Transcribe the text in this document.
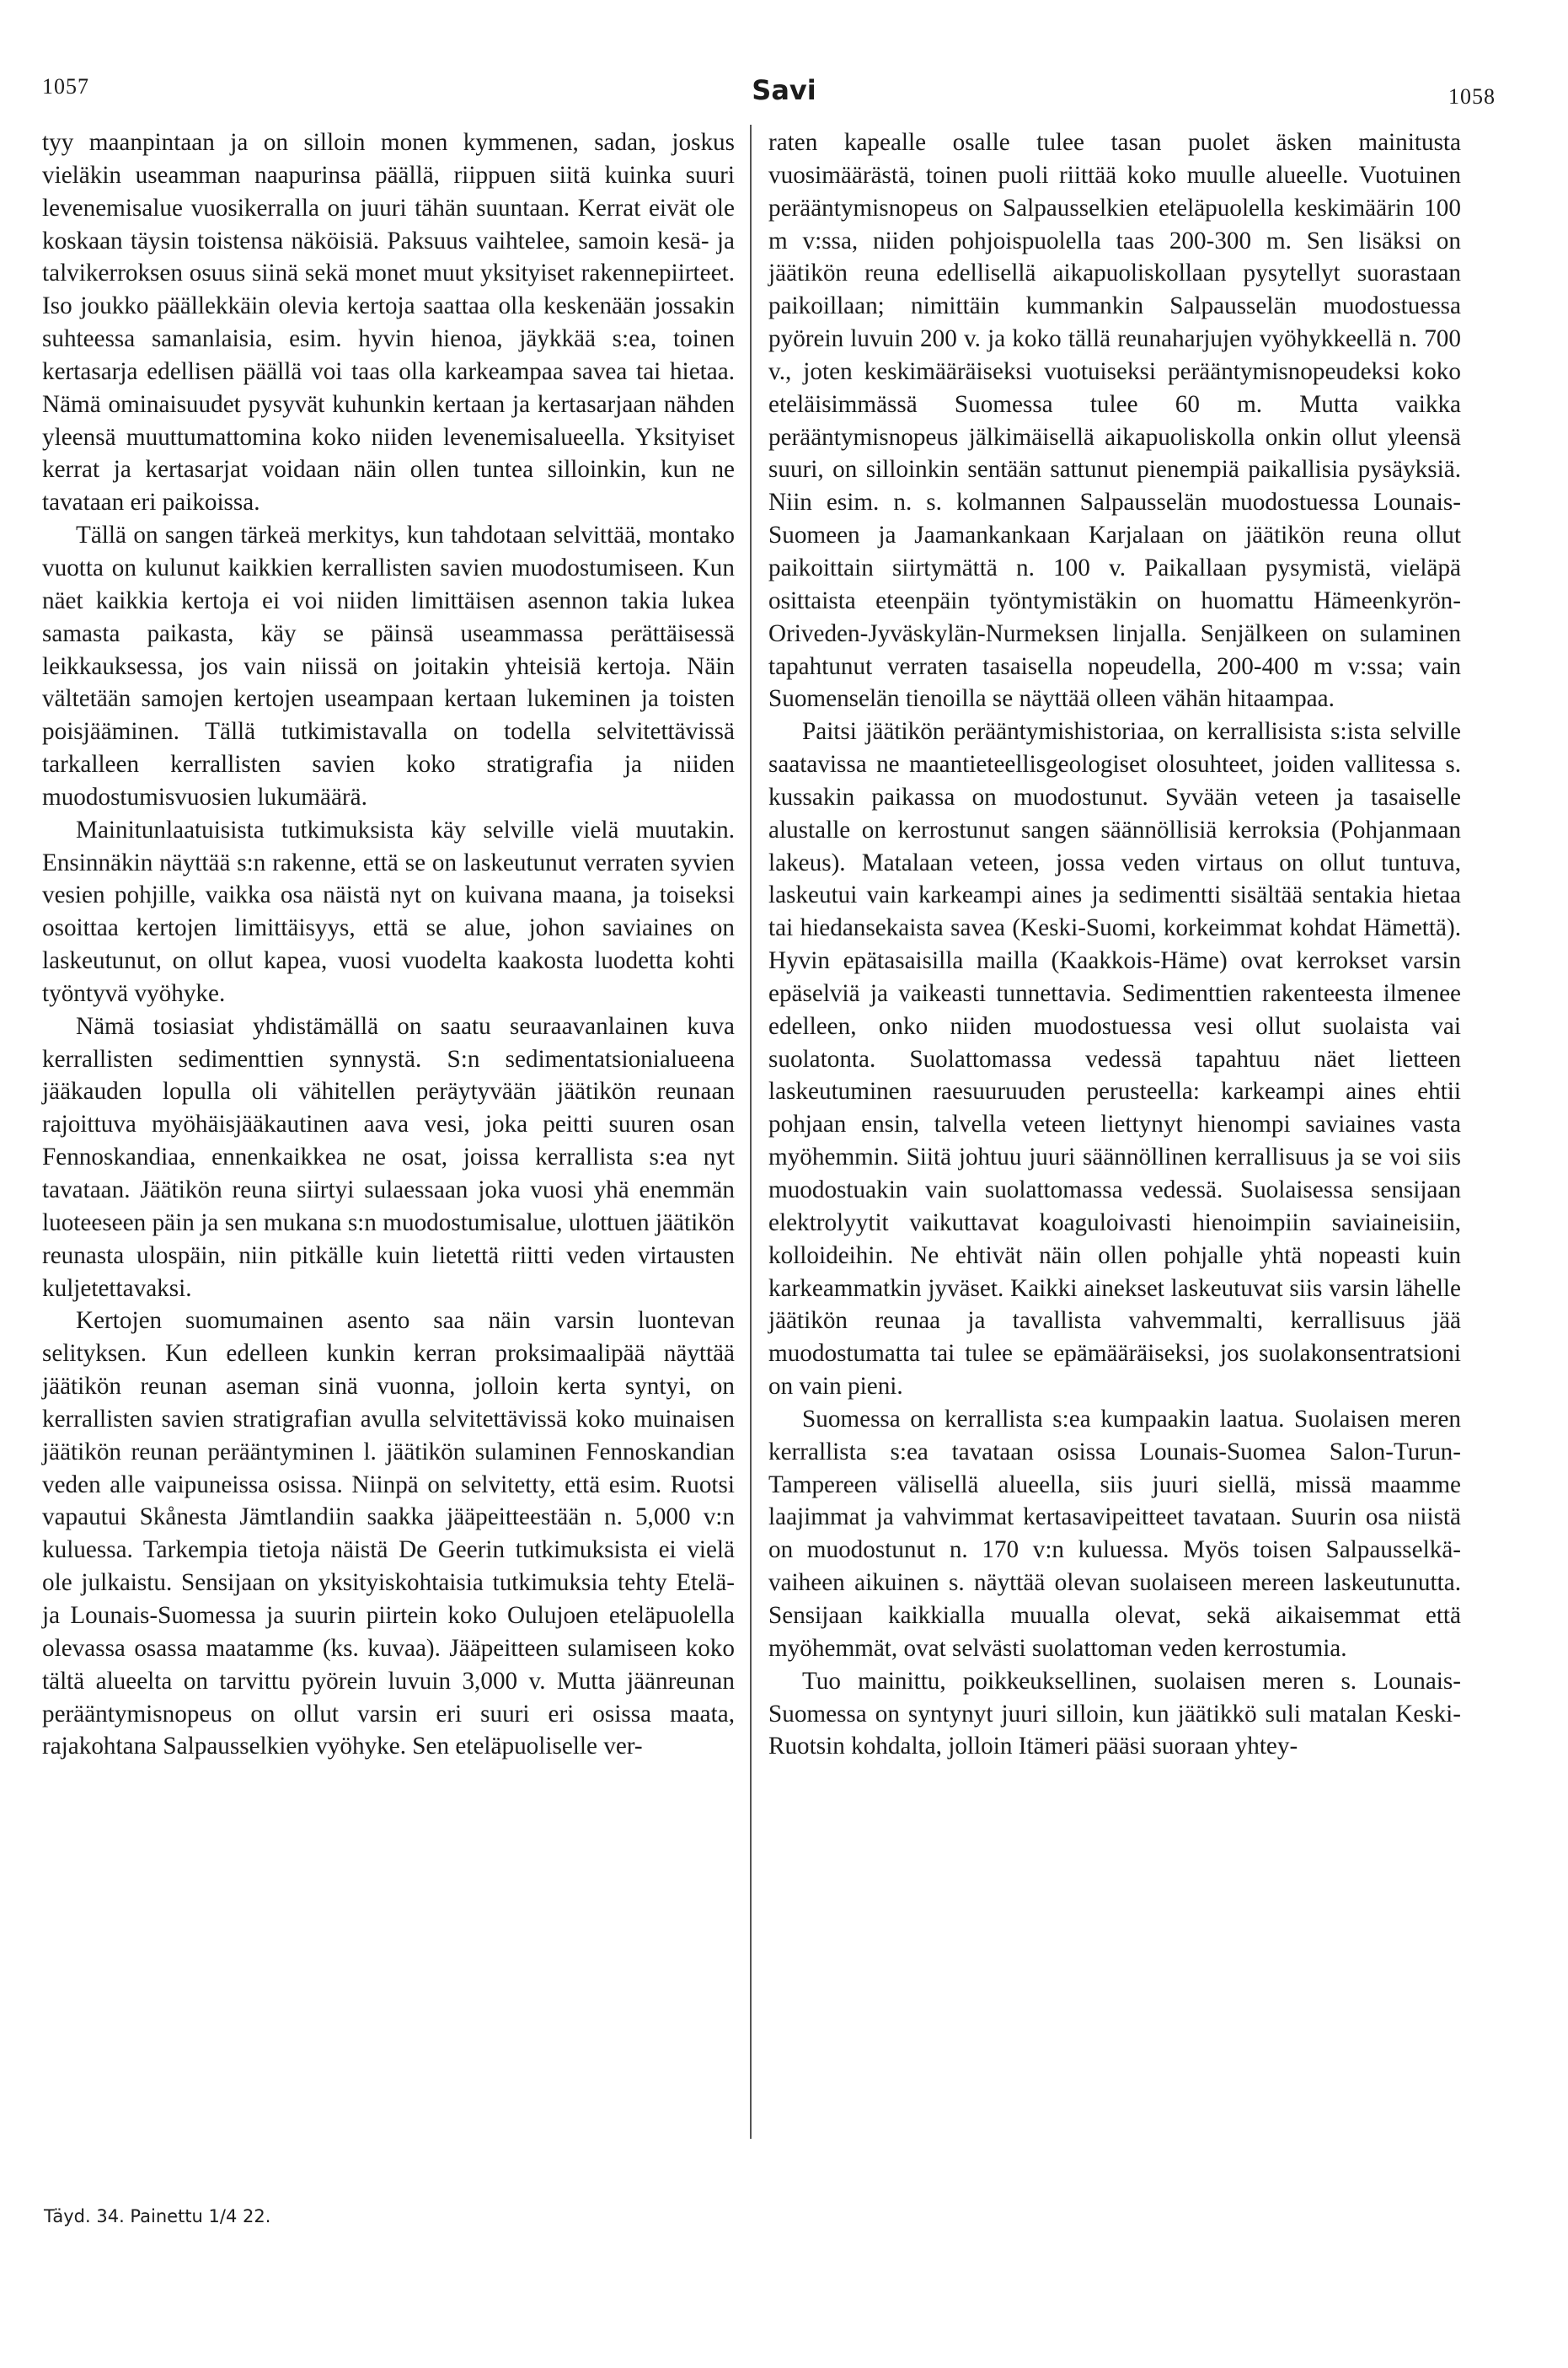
1057	Savi	1058

tyy maanpintaan ja on silloin monen kymmenen, sadan, joskus vieläkin useamman naapurinsa päällä, riippuen siitä kuinka suuri levenemisalue vuosikerralla on juuri tähän suuntaan. Kerrat eivät ole koskaan täysin toistensa näköisiä. Paksuus vaihtelee, samoin kesä- ja talvikerroksen osuus siinä sekä monet muut yksityiset rakennepiirteet. Iso joukko päällekkäin olevia kertoja saattaa olla keskenään jossakin suhteessa samanlaisia, esim. hyvin hienoa, jäykkää s:ea, toinen kertasarja edellisen päällä voi taas olla karkeampaa savea tai hietaa. Nämä ominaisuudet pysyvät kuhunkin kertaan ja kertasarjaan nähden yleensä muuttumattomina koko niiden levenemisalueella. Yksityiset kerrat ja kertasarjat voidaan näin ollen tuntea silloinkin, kun ne tavataan eri paikoissa.

Tällä on sangen tärkeä merkitys, kun tahdotaan selvittää, montako vuotta on kulunut kaikkien kerrallisten savien muodostumiseen. Kun näet kaikkia kertoja ei voi niiden limittäisen asennon takia lukea samasta paikasta, käy se päinsä useammassa perättäisessä leikkauksessa, jos vain niissä on joitakin yhteisiä kertoja. Näin vältetään samojen kertojen useampaan kertaan lukeminen ja toisten poisjääminen. Tällä tutkimistavalla on todella selvitettävissä tarkalleen kerrallisten savien koko stratigrafia ja niiden muodostumisvuosien lukumäärä.

Mainitunlaatuisista tutkimuksista käy selville vielä muutakin. Ensinnäkin näyttää s:n rakenne, että se on laskeutunut verraten syvien vesien pohjille, vaikka osa näistä nyt on kuivana maana, ja toiseksi osoittaa kertojen limittäisyys, että se alue, johon saviaines on laskeutunut, on ollut kapea, vuosi vuodelta kaakosta luodetta kohti työntyvä vyöhyke.

Nämä tosiasiat yhdistämällä on saatu seuraavanlainen kuva kerrallisten sedimenttien synnystä. S:n sedimentatsionialueena jääkauden lopulla oli vähitellen peräytyvään jäätikön reunaan rajoittuva myöhäisjääkautinen aava vesi, joka peitti suuren osan Fennoskandiaa, ennenkaikkea ne osat, joissa kerrallista s:ea nyt tavataan. Jäätikön reuna siirtyi sulaessaan joka vuosi yhä enemmän luoteeseen päin ja sen mukana s:n muodostumisalue, ulottuen jäätikön reunasta ulospäin, niin pitkälle kuin lietettä riitti veden virtausten kuljetettavaksi.

Kertojen suomumainen asento saa näin varsin luontevan selityksen. Kun edelleen kunkin kerran proksimaalipää näyttää jäätikön reunan aseman sinä vuonna, jolloin kerta syntyi, on kerrallisten savien stratigrafian avulla selvitettävissä koko muinaisen jäätikön reunan perääntyminen l. jäätikön sulaminen Fennoskandian veden alle vaipuneissa osissa. Niinpä on selvitetty, että esim. Ruotsi vapautui Skånesta Jämtlandiin saakka jääpeitteestään n. 5,000 v:n kuluessa. Tarkempia tietoja näistä De Geerin tutkimuksista ei vielä ole julkaistu. Sensijaan on yksityiskohtaisia tutkimuksia tehty Etelä- ja Lounais-Suomessa ja suurin piirtein koko Oulujoen eteläpuolella olevassa osassa maatamme (ks. kuvaa). Jääpeitteen sulamiseen koko tältä alueelta on tarvittu pyörein luvuin 3,000 v. Mutta jäänreunan perääntymisnopeus on ollut varsin eri suuri eri osissa maata, rajakohtana Salpausselkien vyöhyke. Sen eteläpuoliselle ver-

raten kapealle osalle tulee tasan puolet äsken mainitusta vuosimäärästä, toinen puoli riittää koko muulle alueelle. Vuotuinen perääntymisnopeus on Salpausselkien eteläpuolella keskimäärin 100 m v:ssa, niiden pohjoispuolella taas 200-300 m. Sen lisäksi on jäätikön reuna edellisellä aikapuoliskollaan pysytellyt suorastaan paikoillaan; nimittäin kummankin Salpausselän muodostuessa pyörein luvuin 200 v. ja koko tällä reunaharjujen vyöhykkeellä n. 700 v., joten keskimääräiseksi vuotuiseksi perääntymisnopeudeksi koko eteläisimmässä Suomessa tulee 60 m. Mutta vaikka perääntymisnopeus jälkimäisellä aikapuoliskolla onkin ollut yleensä suuri, on silloinkin sentään sattunut pienempiä paikallisia pysäyksiä. Niin esim. n. s. kolmannen Salpausselän muodostuessa Lounais-Suomeen ja Jaamankankaan Karjalaan on jäätikön reuna ollut paikoittain siirtymättä n. 100 v. Paikallaan pysymistä, vieläpä osittaista eteenpäin työntymistäkin on huomattu Hämeenkyrön-Oriveden-Jyväskylän-Nurmeksen linjalla. Senjälkeen on sulaminen tapahtunut verraten tasaisella nopeudella, 200-400 m v:ssa; vain Suomenselän tienoilla se näyttää olleen vähän hitaampaa.

Paitsi jäätikön perääntymishistoriaa, on kerrallisista s:ista selville saatavissa ne maantieteellisgeologiset olosuhteet, joiden vallitessa s. kussakin paikassa on muodostunut. Syvään veteen ja tasaiselle alustalle on kerrostunut sangen säännöllisiä kerroksia (Pohjanmaan lakeus). Matalaan veteen, jossa veden virtaus on ollut tuntuva, laskeutui vain karkeampi aines ja sedimentti sisältää sentakia hietaa tai hiedansekaista savea (Keski-Suomi, korkeimmat kohdat Hämettä). Hyvin epätasaisilla mailla (Kaakkois-Häme) ovat kerrokset varsin epäselviä ja vaikeasti tunnettavia. Sedimenttien rakenteesta ilmenee edelleen, onko niiden muodostuessa vesi ollut suolaista vai suolatonta. Suolattomassa vedessä tapahtuu näet lietteen laskeutuminen raesuuruuden perusteella: karkeampi aines ehtii pohjaan ensin, talvella veteen liettynyt hienompi saviaines vasta myöhemmin. Siitä johtuu juuri säännöllinen kerrallisuus ja se voi siis muodostuakin vain suolattomassa vedessä. Suolaisessa sensijaan elektrolyytit vaikuttavat koaguloivasti hienoimpiin saviaineisiin, kolloideihin. Ne ehtivät näin ollen pohjalle yhtä nopeasti kuin karkeammatkin jyväset. Kaikki ainekset laskeutuvat siis varsin lähelle jäätikön reunaa ja tavallista vahvemmalti, kerrallisuus jää muodostumatta tai tulee se epämääräiseksi, jos suolakonsentratsioni on vain pieni.

Suomessa on kerrallista s:ea kumpaakin laatua. Suolaisen meren kerrallista s:ea tavataan osissa Lounais-Suomea Salon-Turun-Tampereen välisellä alueella, siis juuri siellä, missä maamme laajimmat ja vahvimmat kertasavipeitteet tavataan. Suurin osa niistä on muodostunut n. 170 v:n kuluessa. Myös toisen Salpausselkä-vaiheen aikuinen s. näyttää olevan suolaiseen mereen laskeutunutta. Sensijaan kaikkialla muualla olevat, sekä aikaisemmat että myöhemmät, ovat selvästi suolattoman veden kerrostumia.

Tuo mainittu, poikkeuksellinen, suolaisen meren s. Lounais-Suomessa on syntynyt juuri silloin, kun jäätikkö suli matalan Keski-Ruotsin kohdalta, jolloin Itämeri pääsi suoraan yhtey-

Täyd. 34. Painettu 1/4 22.
